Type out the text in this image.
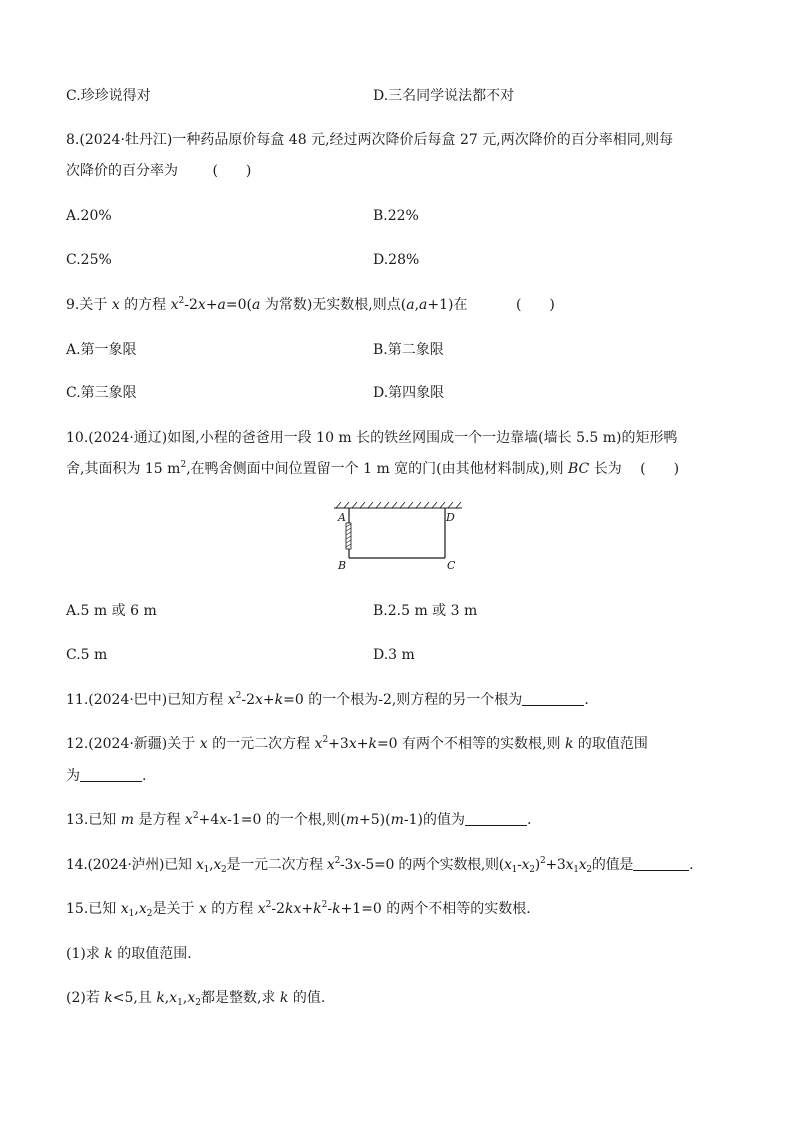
C.珍珍说得对	D.三名同学说法都不对
8.(2024·牡丹江)一种药品原价每盒 48 元,经过两次降价后每盒 27 元,两次降价的百分率相同,则每
次降价的百分率为 (　　)
A.20%	B.22%
C.25%	D.28%
9.关于 x 的方程 $x^2-2x+a=0(a$ 为常数)无实数根,则点(a,a+1)在	(　　)
A.第一象限	B.第二象限
C.第三象限	D.第四象限
10.(2024·通辽)如图,小程的爸爸用一段 10 m 长的铁丝网围成一个一边靠墙(墙长 5.5 m)的矩形鸭
舍,其面积为 15 $m^2$,在鸭舍侧面中间位置留一个 1 m 宽的门(由其他材料制成),则 BC 长为 (　　)
A
B	C
D
A.5 m 或 6 m	B.2.5 m 或 3 m
C.5 m	D.3 m
11.(2024·巴中)已知方程 $x^2-2x+k=0$ 的一个根为-2,则方程的另一个根为	.
12.(2024·新疆)关于 x 的一元二次方程 $x^2+3x+k=0$ 有两个不相等的实数根,则 k 的取值范围
为	.
13.已知 m 是方程 $x^2+4x-1=0$ 的一个根,则(m+5)(m-1)的值为	.
14.(2024·泸州)已知 $x_1,x_2$是一元二次方程 $x^2-3x-5=0$ 的两个实数根,则$(x_1-x_2)^2+3x_1x_2$的值是	.
15.已知 $x_1,x_2$是关于 x 的方程 $x^2-2kx+k^2-k+1=0$ 的两个不相等的实数根.
(1)求 k 的取值范围.
(2)若 k<5,且 $k,x_1,x_2$都是整数,求 k 的值.
